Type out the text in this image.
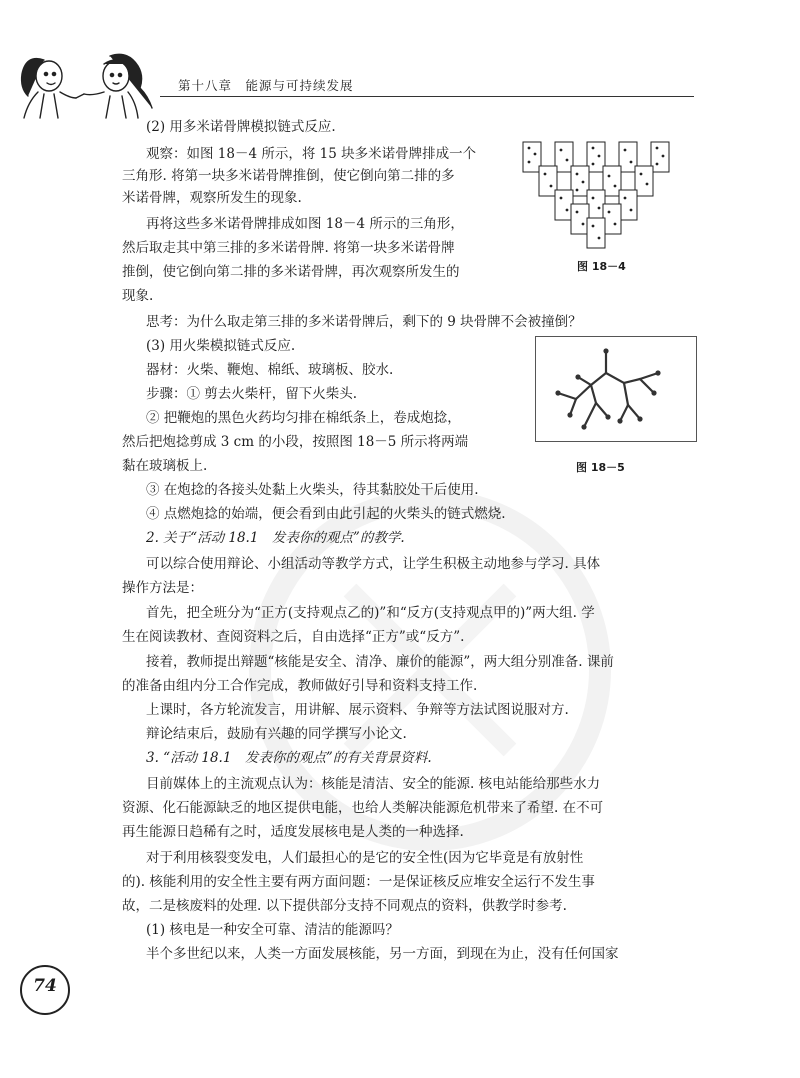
第十八章　能源与可持续发展
图 18－4
图 18－5
(2) 用多米诺骨牌模拟链式反应.
观察：如图 18－4 所示，将 15 块多米诺骨牌排成一个
三角形. 将第一块多米诺骨牌推倒，使它倒向第二排的多
米诺骨牌，观察所发生的现象.
再将这些多米诺骨牌排成如图 18－4 所示的三角形，
然后取走其中第三排的多米诺骨牌. 将第一块多米诺骨牌
推倒，使它倒向第二排的多米诺骨牌，再次观察所发生的
现象.
思考：为什么取走第三排的多米诺骨牌后，剩下的 9 块骨牌不会被撞倒？
(3) 用火柴模拟链式反应.
器材：火柴、鞭炮、棉纸、玻璃板、胶水.
步骤：① 剪去火柴杆，留下火柴头.
② 把鞭炮的黑色火药均匀排在棉纸条上，卷成炮捻，
然后把炮捻剪成 3 cm 的小段，按照图 18－5 所示将两端
黏在玻璃板上.
③ 在炮捻的各接头处黏上火柴头，待其黏胶处干后使用.
④ 点燃炮捻的始端，便会看到由此引起的火柴头的链式燃烧.
2. 关于“活动 18.1　发表你的观点”的教学.
可以综合使用辩论、小组活动等教学方式，让学生积极主动地参与学习. 具体
操作方法是：
首先，把全班分为“正方(支持观点乙的)”和“反方(支持观点甲的)”两大组. 学
生在阅读教材、查阅资料之后，自由选择“正方”或“反方”.
接着，教师提出辩题“核能是安全、清净、廉价的能源”，两大组分别准备. 课前
的准备由组内分工合作完成，教师做好引导和资料支持工作.
上课时，各方轮流发言，用讲解、展示资料、争辩等方法试图说服对方.
辩论结束后，鼓励有兴趣的同学撰写小论文.
3. “活动 18.1　发表你的观点”的有关背景资料.
目前媒体上的主流观点认为：核能是清洁、安全的能源. 核电站能给那些水力
资源、化石能源缺乏的地区提供电能，也给人类解决能源危机带来了希望. 在不可
再生能源日趋稀有之时，适度发展核电是人类的一种选择.
对于利用核裂变发电，人们最担心的是它的安全性(因为它毕竟是有放射性
的). 核能利用的安全性主要有两方面问题：一是保证核反应堆安全运行不发生事
故，二是核废料的处理. 以下提供部分支持不同观点的资料，供教学时参考.
(1) 核电是一种安全可靠、清洁的能源吗？
半个多世纪以来，人类一方面发展核能，另一方面，到现在为止，没有任何国家
74
